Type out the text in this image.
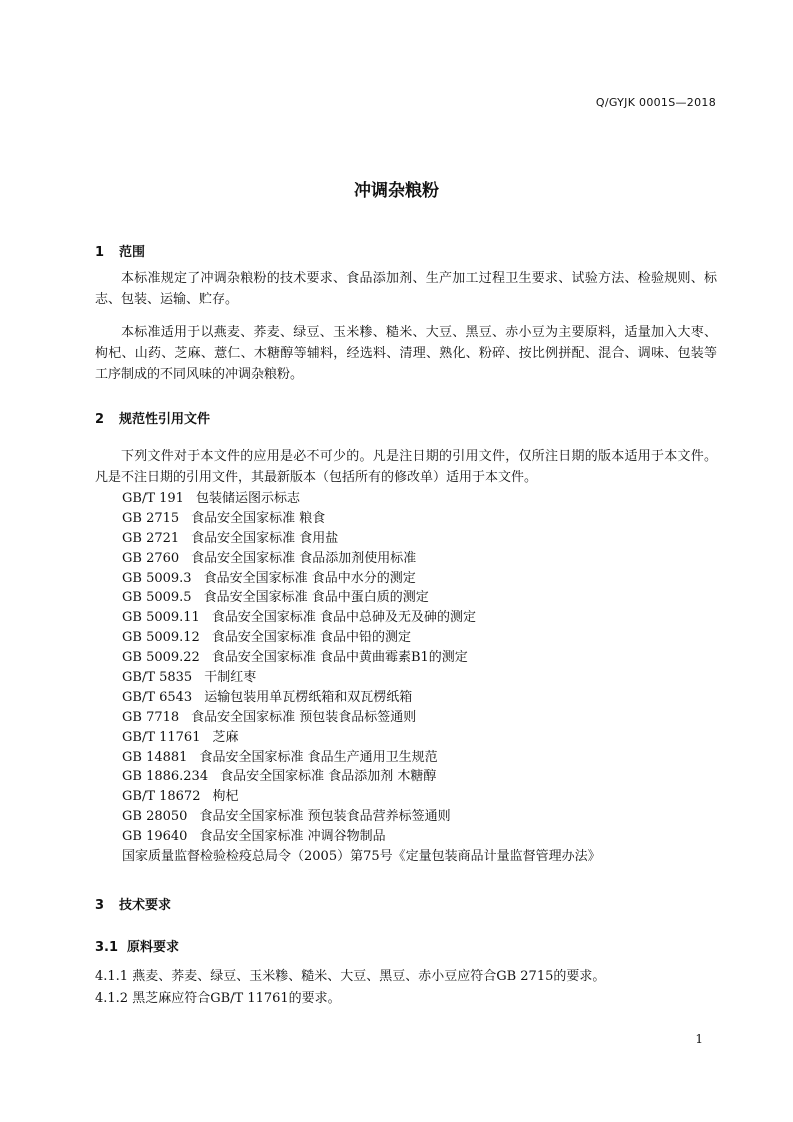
Q/GYJK 0001S—2018
冲调杂粮粉
1 范围

本标准规定了冲调杂粮粉的技术要求、食品添加剂、生产加工过程卫生要求、试验方法、检验规则、标志、包装、运输、贮存。

本标准适用于以燕麦、荞麦、绿豆、玉米糁、糙米、大豆、黑豆、赤小豆为主要原料，适量加入大枣、枸杞、山药、芝麻、薏仁、木糖醇等辅料，经选料、清理、熟化、粉碎、按比例拼配、混合、调味、包装等工序制成的不同风味的冲调杂粮粉。

2 规范性引用文件

下列文件对于本文件的应用是必不可少的。凡是注日期的引用文件，仅所注日期的版本适用于本文件。凡是不注日期的引用文件，其最新版本（包括所有的修改单）适用于本文件。

GB/T 191 包装储运图示标志
GB 2715 食品安全国家标准 粮食
GB 2721 食品安全国家标准 食用盐
GB 2760 食品安全国家标准 食品添加剂使用标准
GB 5009.3 食品安全国家标准 食品中水分的测定
GB 5009.5 食品安全国家标准 食品中蛋白质的测定
GB 5009.11 食品安全国家标准 食品中总砷及无及砷的测定
GB 5009.12 食品安全国家标准 食品中铅的测定
GB 5009.22 食品安全国家标准 食品中黄曲霉素B1的测定
GB/T 5835 干制红枣
GB/T 6543 运输包装用单瓦楞纸箱和双瓦楞纸箱
GB 7718 食品安全国家标准 预包装食品标签通则
GB/T 11761 芝麻
GB 14881 食品安全国家标准 食品生产通用卫生规范
GB 1886.234 食品安全国家标准 食品添加剂 木糖醇
GB/T 18672 枸杞
GB 28050 食品安全国家标准 预包装食品营养标签通则
GB 19640 食品安全国家标准 冲调谷物制品
国家质量监督检验检疫总局令（2005）第75号《定量包装商品计量监督管理办法》
3 技术要求
3.1 原料要求
4.1.1 燕麦、荞麦、绿豆、玉米糁、糙米、大豆、黑豆、赤小豆应符合GB 2715的要求。
4.1.2 黑芝麻应符合GB/T 11761的要求。
1
